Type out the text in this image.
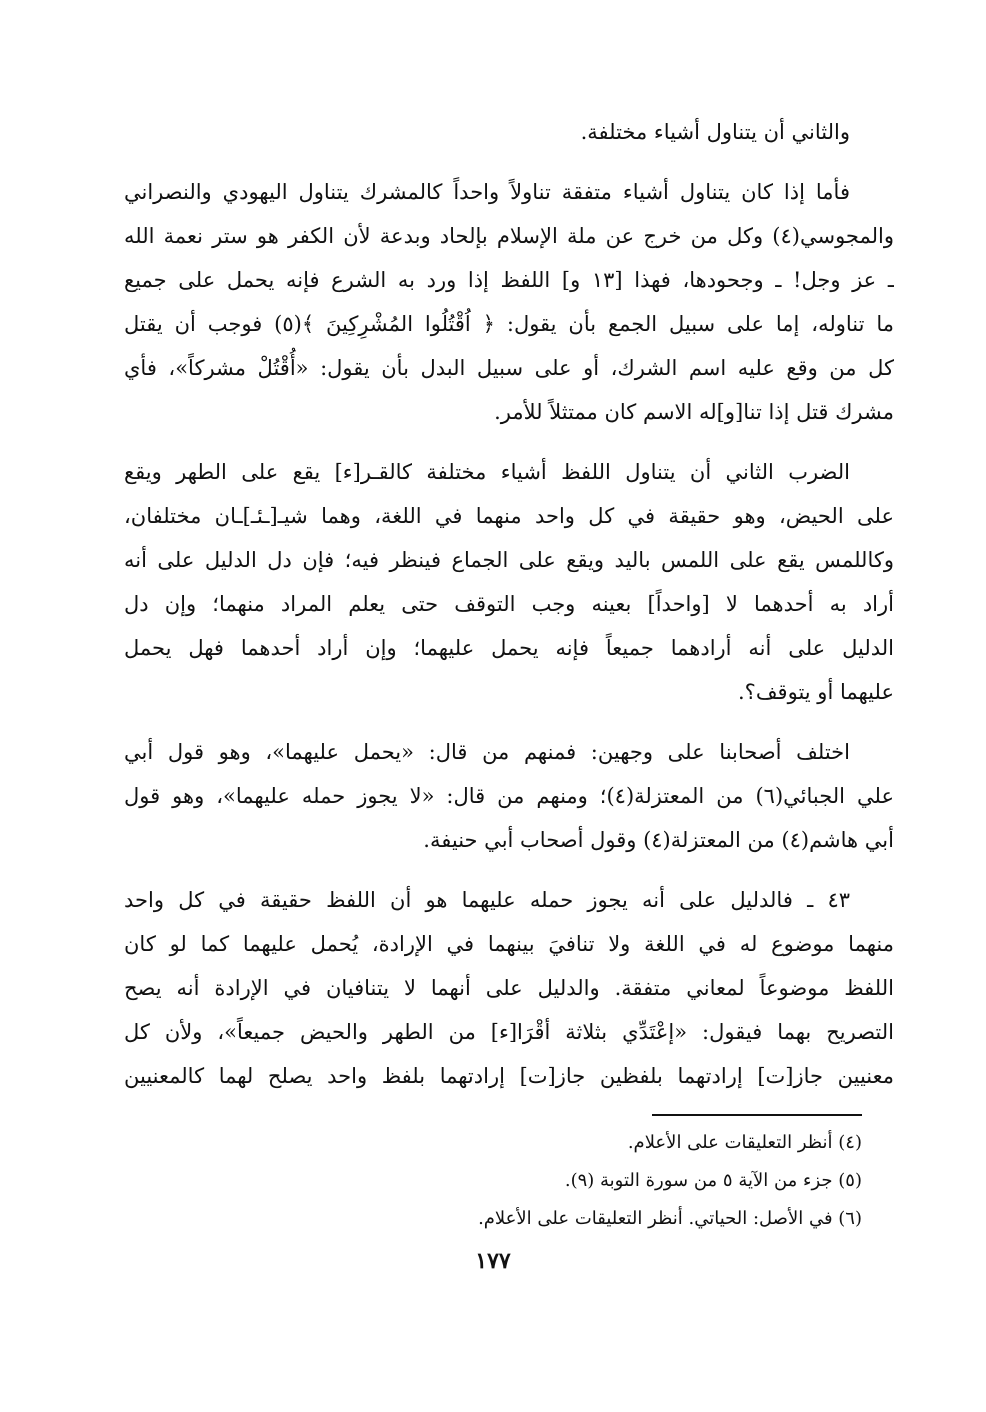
والثاني أن يتناول أشياء مختلفة.
فأما إذا كان يتناول أشياء متفقة تناولاً واحداً كالمشرك يتناول اليهودي والنصراني
والمجوسي(٤) وكل من خرج عن ملة الإسلام بإلحاد وبدعة لأن الكفر هو ستر نعمة الله
ـ عز وجل! ـ وجحودها، فهذا [١٣ و] اللفظ إذا ورد به الشرع فإنه يحمل على جميع
ما تناوله، إما على سبيل الجمع بأن يقول: ﴿ اُقْتُلُوا المُشْرِكِينَ ﴾(٥) فوجب أن يقتل
كل من وقع عليه اسم الشرك، أو على سبيل البدل بأن يقول: «أُقْتُلْ مشركاً»، فأي
مشرك قتل إذا تنا[و]له الاسم كان ممتثلاً للأمر.
الضرب الثاني أن يتناول اللفظ أشياء مختلفة كالقـر[ء] يقع على الطهر ويقع
على الحيض، وهو حقيقة في كل واحد منهما في اللغة، وهما شيـ[ـئـ]ـان مختلفان،
وكاللمس يقع على اللمس باليد ويقع على الجماع فينظر فيه؛ فإن دل الدليل على أنه
أراد به أحدهما لا [واحداً] بعينه وجب التوقف حتى يعلم المراد منهما؛ وإن دل
الدليل على أنه أرادهما جميعاً فإنه يحمل عليهما؛ وإن أراد أحدهما فهل يحمل
عليهما أو يتوقف؟.
اختلف أصحابنا على وجهين: فمنهم من قال: «يحمل عليهما»، وهو قول أبي
علي الجبائي(٦) من المعتزلة(٤)؛ ومنهم من قال: «لا يجوز حمله عليهما»، وهو قول
أبي هاشم(٤) من المعتزلة(٤) وقول أصحاب أبي حنيفة.
٤٣ ـ فالدليل على أنه يجوز حمله عليهما هو أن اللفظ حقيقة في كل واحد
منهما موضوع له في اللغة ولا تنافيَ بينهما في الإرادة، يُحمل عليهما كما لو كان
اللفظ موضوعاً لمعاني متفقة. والدليل على أنهما لا يتنافيان في الإرادة أنه يصح
التصريح بهما فيقول: «إعْتَدِّي بثلاثة أقْرَا[ء] من الطهر والحيض جميعاً»، ولأن كل
معنيين جاز[ت] إرادتهما بلفظين جاز[ت] إرادتهما بلفظ واحد يصلح لهما كالمعنيين
(٤) أنظر التعليقات على الأعلام.
(٥) جزء من الآية ٥ من سورة التوبة (٩).
(٦) في الأصل: الحياتي. أنظر التعليقات على الأعلام.
١٧٧
